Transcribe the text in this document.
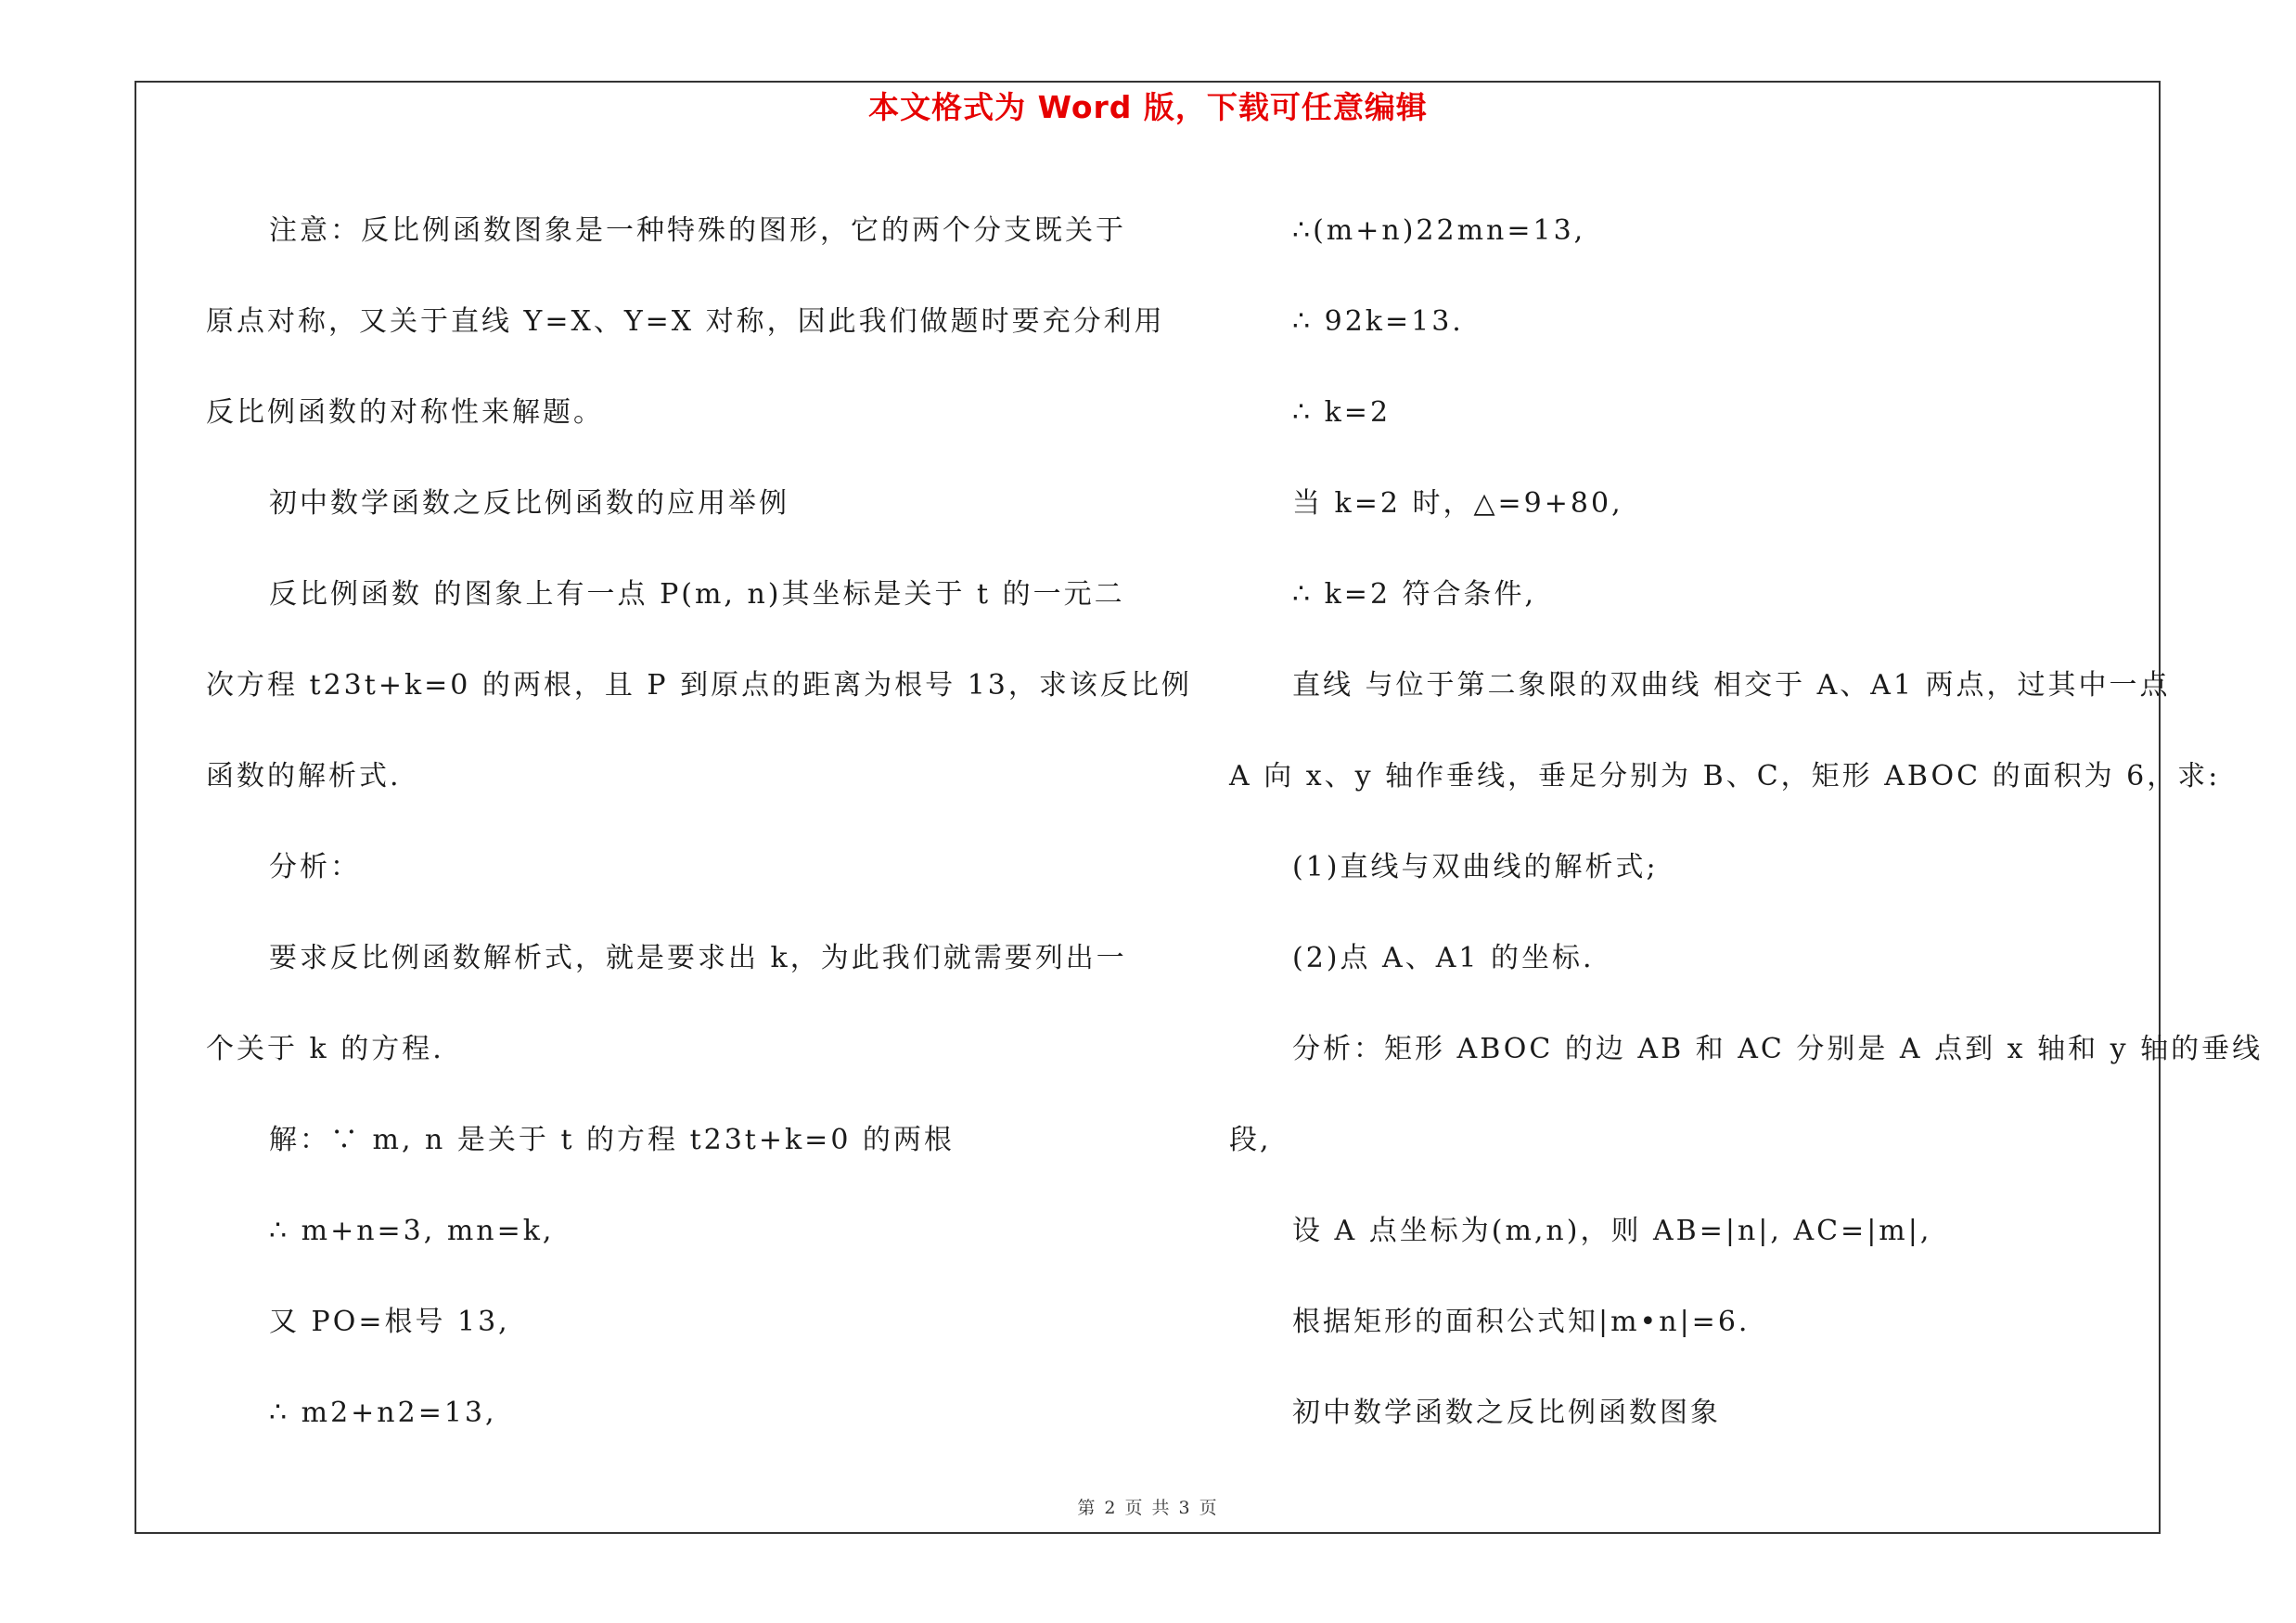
本文格式为 Word 版，下载可任意编辑
注意：反比例函数图象是一种特殊的图形，它的两个分支既关于
原点对称，又关于直线 Y=X、Y=X 对称，因此我们做题时要充分利用
反比例函数的对称性来解题。
初中数学函数之反比例函数的应用举例
反比例函数 的图象上有一点 P(m, n)其坐标是关于 t 的一元二
次方程 t23t+k=0 的两根，且 P 到原点的距离为根号 13，求该反比例
函数的解析式.
分析：
要求反比例函数解析式，就是要求出 k，为此我们就需要列出一
个关于 k 的方程.
解：∵ m, n 是关于 t 的方程 t23t+k=0 的两根
∴ m+n=3, mn=k,
又 PO=根号 13,
∴ m2+n2=13,
∴(m+n)22mn=13,
∴ 92k=13.
∴ k=2
当 k=2 时，△=9+80,
∴ k=2 符合条件,
直线 与位于第二象限的双曲线 相交于 A、A1 两点，过其中一点
A 向 x、y 轴作垂线，垂足分别为 B、C，矩形 ABOC 的面积为 6，求:
(1)直线与双曲线的解析式;
(2)点 A、A1 的坐标.
分析：矩形 ABOC 的边 AB 和 AC 分别是 A 点到 x 轴和 y 轴的垂线
段,
设 A 点坐标为(m,n)，则 AB=|n|, AC=|m|,
根据矩形的面积公式知|m•n|=6.
初中数学函数之反比例函数图象
第 2 页 共 3 页
